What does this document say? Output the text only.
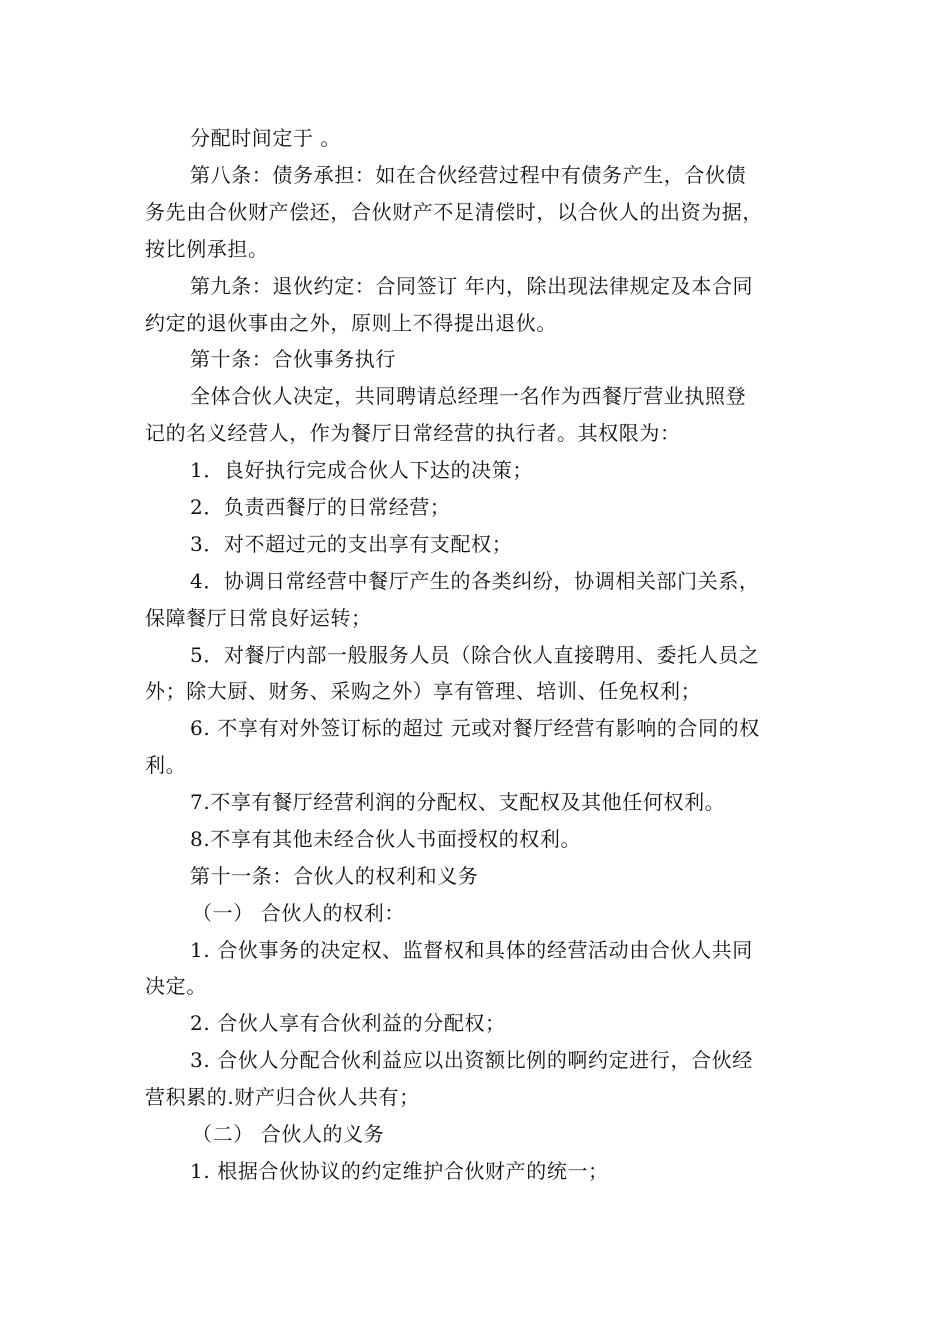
分配时间定于 。
第八条：债务承担：如在合伙经营过程中有债务产生，合伙债
务先由合伙财产偿还，合伙财产不足清偿时，以合伙人的出资为据，
按比例承担。
第九条：退伙约定：合同签订 年内，除出现法律规定及本合同
约定的退伙事由之外，原则上不得提出退伙。
第十条：合伙事务执行
全体合伙人决定，共同聘请总经理一名作为西餐厅营业执照登
记的名义经营人，作为餐厅日常经营的执行者。其权限为：
1．良好执行完成合伙人下达的决策；
2．负责西餐厅的日常经营；
3．对不超过元的支出享有支配权；
4．协调日常经营中餐厅产生的各类纠纷，协调相关部门关系，
保障餐厅日常良好运转；
5．对餐厅内部一般服务人员（除合伙人直接聘用、委托人员之
外；除大厨、财务、采购之外）享有管理、培训、任免权利；
6. 不享有对外签订标的超过 元或对餐厅经营有影响的合同的权
利。
7.不享有餐厅经营利润的分配权、支配权及其他任何权利。
8.不享有其他未经合伙人书面授权的权利。
第十一条：合伙人的权利和义务
（一） 合伙人的权利：
1. 合伙事务的决定权、监督权和具体的经营活动由合伙人共同
决定。
2. 合伙人享有合伙利益的分配权；
3. 合伙人分配合伙利益应以出资额比例的啊约定进行，合伙经
营积累的.财产归合伙人共有；
（二） 合伙人的义务
1. 根据合伙协议的约定维护合伙财产的统一；
